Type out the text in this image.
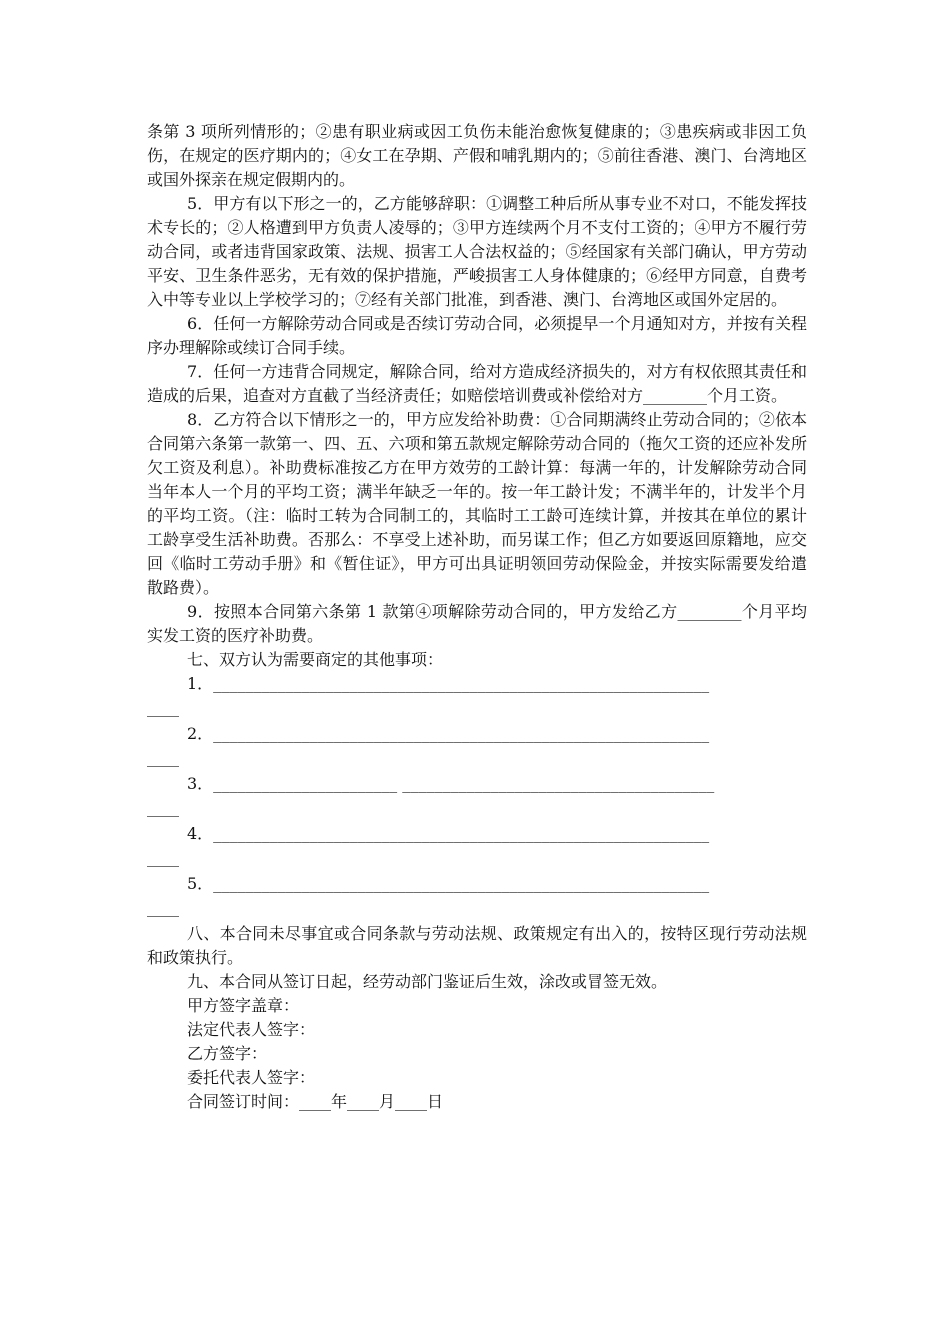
条第 3 项所列情形的；②患有职业病或因工负伤未能治愈恢复健康的；③患疾病或非因工负伤，在规定的医疗期内的；④女工在孕期、产假和哺乳期内的；⑤前往香港、澳门、台湾地区或国外探亲在规定假期内的。

5．甲方有以下形之一的，乙方能够辞职：①调整工种后所从事专业不对口，不能发挥技术专长的；②人格遭到甲方负责人凌辱的；③甲方连续两个月不支付工资的；④甲方不履行劳动合同，或者违背国家政策、法规、损害工人合法权益的；⑤经国家有关部门确认，甲方劳动平安、卫生条件恶劣，无有效的保护措施，严峻损害工人身体健康的；⑥经甲方同意，自费考入中等专业以上学校学习的；⑦经有关部门批准，到香港、澳门、台湾地区或国外定居的。

6．任何一方解除劳动合同或是否续订劳动合同，必须提早一个月通知对方，并按有关程序办理解除或续订合同手续。

7．任何一方违背合同规定，解除合同，给对方造成经济损失的，对方有权依照其责任和造成的后果，追查对方直截了当经济责任；如赔偿培训费或补偿给对方________个月工资。

8．乙方符合以下情形之一的，甲方应发给补助费：①合同期满终止劳动合同的；②依本合同第六条第一款第一、四、五、六项和第五款规定解除劳动合同的（拖欠工资的还应补发所欠工资及利息）。补助费标准按乙方在甲方效劳的工龄计算：每满一年的，计发解除劳动合同当年本人一个月的平均工资；满半年缺乏一年的。按一年工龄计发；不满半年的，计发半个月的平均工资。（注：临时工转为合同制工的，其临时工工龄可连续计算，并按其在单位的累计工龄享受生活补助费。否那么：不享受上述补助，而另谋工作；但乙方如要返回原籍地，应交回《临时工劳动手册》和《暂住证》，甲方可出具证明领回劳动保险金，并按实际需要发给遣散路费）。

9．按照本合同第六条第 1 款第④项解除劳动合同的，甲方发给乙方________个月平均实发工资的医疗补助费。

七、双方认为需要商定的其他事项：

1．______________________________________________________________

____

2．______________________________________________________________

____

3．_______________________ _______________________________________

____

4．______________________________________________________________

____

5．______________________________________________________________

____

八、本合同未尽事宜或合同条款与劳动法规、政策规定有出入的，按特区现行劳动法规和政策执行。

九、本合同从签订日起，经劳动部门鉴证后生效，涂改或冒签无效。

甲方签字盖章：

法定代表人签字：

乙方签字：

委托代表人签字：

合同签订时间：____年____月____日
